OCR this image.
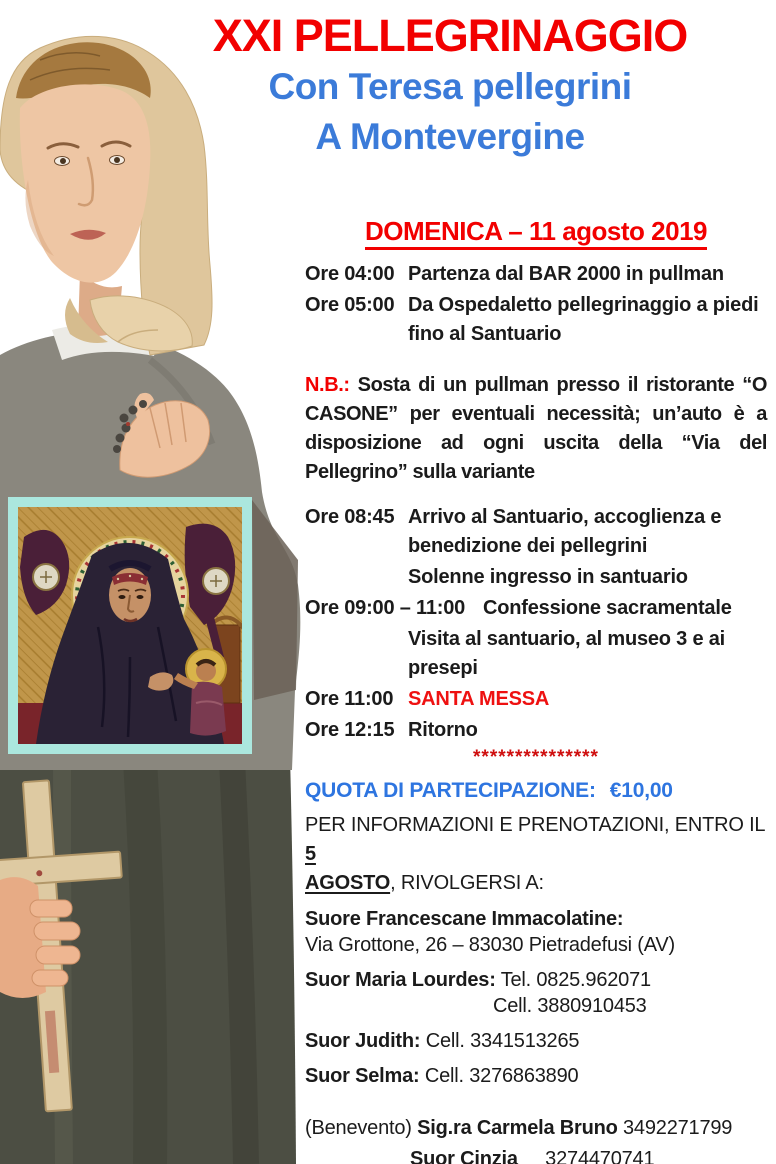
XXI PELLEGRINAGGIO
Con Teresa pellegrini
A Montevergine
DOMENICA – 11 agosto 2019
Ore 04:00 Partenza dal BAR 2000 in pullman
Ore 05:00 Da Ospedaletto pellegrinaggio a piedi fino al Santuario
N.B.: Sosta di un pullman presso il ristorante “O CASONE” per eventuali necessità; un’auto è a disposizione ad ogni uscita della “Via del Pellegrino” sulla variante
Ore 08:45 Arrivo al Santuario, accoglienza e benedizione dei pellegrini
Solenne ingresso in santuario
Ore 09:00 – 11:00 Confessione sacramentale
Visita al santuario, al museo 3 e ai presepi
Ore 11:00 SANTA MESSA
Ore 12:15 Ritorno
***************
QUOTA DI PARTECIPAZIONE: €10,00
PER INFORMAZIONI E PRENOTAZIONI, ENTRO IL 5
AGOSTO, RIVOLGERSI A:
Suore Francescane Immacolatine:
Via Grottone, 26 – 83030 Pietradefusi (AV)
Suor Maria Lourdes: Tel. 0825.962071
Cell. 3880910453
Suor Judith: Cell. 3341513265
Suor Selma: Cell. 3276863890
(Benevento) Sig.ra Carmela Bruno 3492271799
Suor Cinzia 3274470741
